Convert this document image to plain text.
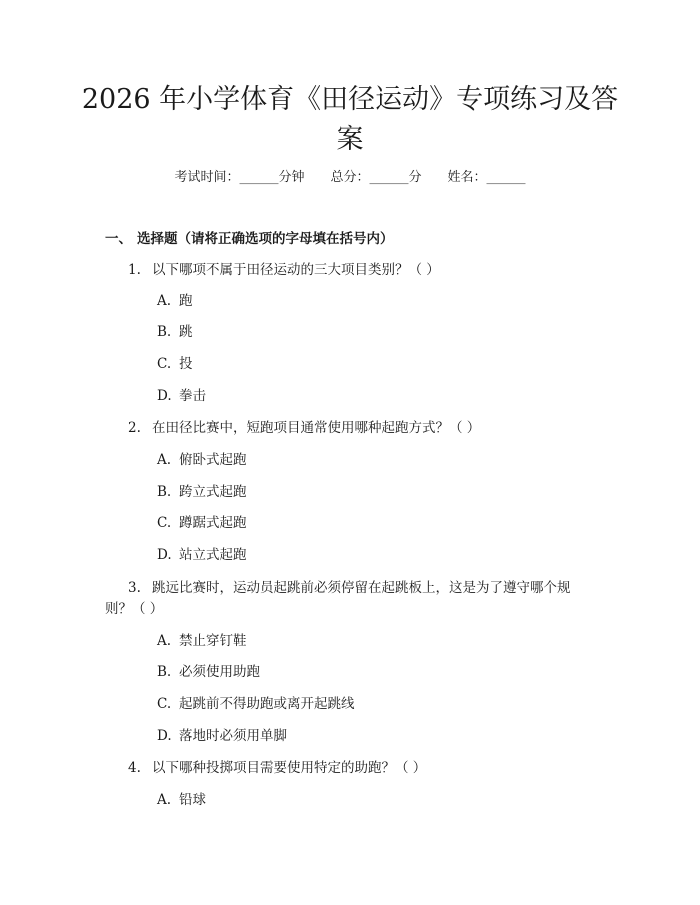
2026 年小学体育《田径运动》专项练习及答
案
考试时间：______分钟 总分：______分 姓名：______
一、 选择题（请将正确选项的字母填在括号内）
1. 以下哪项不属于田径运动的三大项目类别？（ ）
A. 跑
B. 跳
C. 投
D. 拳击
2. 在田径比赛中，短跑项目通常使用哪种起跑方式？（ ）
A. 俯卧式起跑
B. 跨立式起跑
C. 蹲踞式起跑
D. 站立式起跑
3. 跳远比赛时，运动员起跳前必须停留在起跳板上，这是为了遵守哪个规
则？（ ）
A. 禁止穿钉鞋
B. 必须使用助跑
C. 起跳前不得助跑或离开起跳线
D. 落地时必须用单脚
4. 以下哪种投掷项目需要使用特定的助跑？（ ）
A. 铅球
